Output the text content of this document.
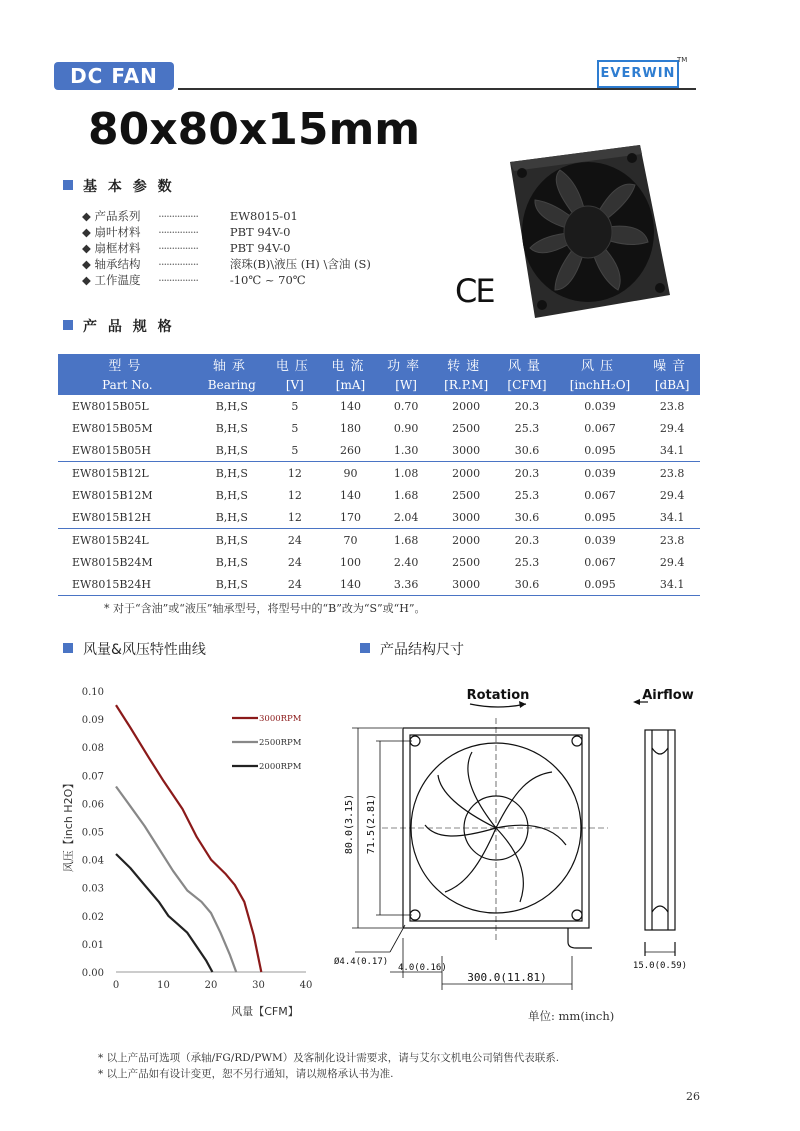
DC FAN	EVERWIN
TM
80x80x15mm
基 本 参 数
◆ 产品系列 ···············	EW8015-01
◆ 扇叶材料 ···············	PBT 94V-0
◆ 扇框材料 ···············	PBT 94V-0
◆ 轴承结构 ···············	滚珠(B)\液压 (H) \含油 (S)
◆ 工作温度 ···············	-10℃ ~ 70℃	CE
产 品 规 格
型号	轴承	电压	电流	功率	转速	风量	风压	噪音
Part No.	Bearing	[V]	[mA]	[W]	[R.P.M]	[CFM]	[inchH₂O]	[dBA]
EW8015B05L	B,H,S	5	140	0.70	2000	20.3	0.039	23.8
EW8015B05M	B,H,S	5	180	0.90	2500	25.3	0.067	29.4
EW8015B05H	B,H,S	5	260	1.30	3000	30.6	0.095	34.1
EW8015B12L	B,H,S	12	90	1.08	2000	20.3	0.039	23.8
EW8015B12M	B,H,S	12	140	1.68	2500	25.3	0.067	29.4
EW8015B12H	B,H,S	12	170	2.04	3000	30.6	0.095	34.1
EW8015B24L	B,H,S	24	70	1.68	2000	20.3	0.039	23.8
EW8015B24M	B,H,S	24	100	2.40	2500	25.3	0.067	29.4
EW8015B24H	B,H,S	24	140	3.36	3000	30.6	0.095	34.1
* 对于“含油”或“液压”轴承型号，将型号中的“B”改为“S”或“H”。
风量&风压特性曲线
0.00
0.01
0.02
0.03
0.04
0.05
0.06
0.07
0.08
0.09
0.10
0	10	20	30	40
3000RPM
2500RPM
2000RPM
风压【inch H2O】
风量【CFM】
产品结构尺寸
Rotation	Airflow
80.0(3.15) 71.5(2.81)
Ø4.4(0.17)
4.0(0.16)
300.0(11.81)
15.0(0.59)
单位: mm(inch)
* 以上产品可选项（承轴/FG/RD/PWM）及客制化设计需要求，请与艾尔文机电公司销售代表联系.
* 以上产品如有设计变更，恕不另行通知，请以规格承认书为准.
26
